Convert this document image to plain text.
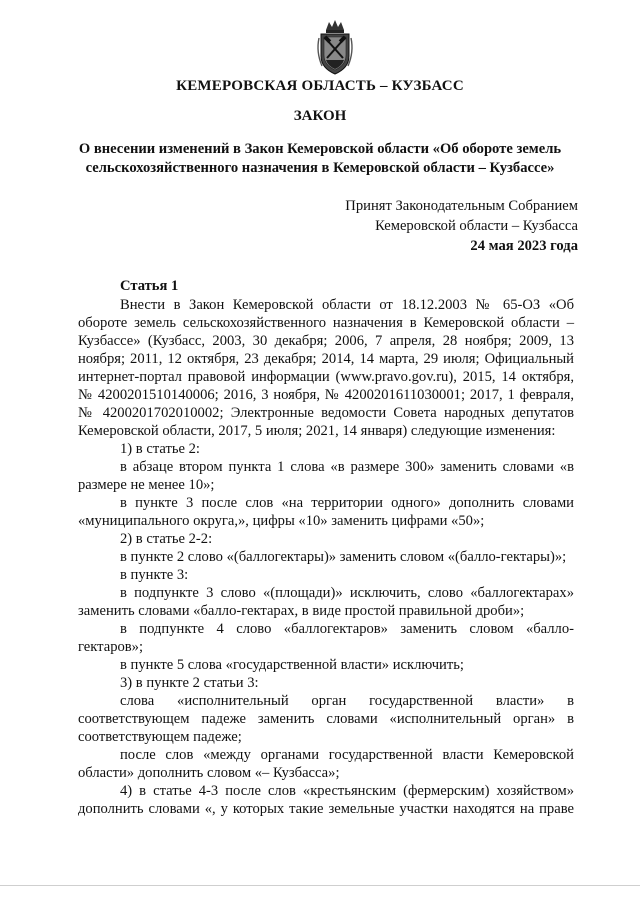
КЕМЕРОВСКАЯ ОБЛАСТЬ – КУЗБАСС
ЗАКОН
О внесении изменений в Закон Кемеровской области «Об обороте земель
сельскохозяйственного назначения в Кемеровской области – Кузбассе»
Принят Законодательным Собранием
Кемеровской области – Кузбасса
24 мая 2023 года
Статья 1

Внести в Закон Кемеровской области от 18.12.2003 № 65-ОЗ «Об обороте земель сельскохозяйственного назначения в Кемеровской области – Кузбассе» (Кузбасс, 2003, 30 декабря; 2006, 7 апреля, 28 ноября; 2009, 13 ноября; 2011, 12 октября, 23 декабря; 2014, 14 марта, 29 июля; Официальный интернет-портал правовой информации (www.pravo.gov.ru), 2015, 14 октября, № 4200201510140006; 2016, 3 ноября, № 4200201611030001; 2017, 1 февраля, № 4200201702010002; Электронные ведомости Совета народных депутатов Кемеровской области, 2017, 5 июля; 2021, 14 января) следующие изменения:

1) в статье 2:

в абзаце втором пункта 1 слова «в размере 300» заменить словами «в размере не менее 10»;

в пункте 3 после слов «на территории одного» дополнить словами «муниципального округа,», цифры «10» заменить цифрами «50»;

2) в статье 2-2:

в пункте 2 слово «(баллогектары)» заменить словом «(балло-гектары)»;

в пункте 3:

в подпункте 3 слово «(площади)» исключить, слово «баллогектарах» заменить словами «балло-гектарах, в виде простой правильной дроби»;

в подпункте 4 слово «баллогектаров» заменить словом «балло-гектаров»;

в пункте 5 слова «государственной власти» исключить;

3) в пункте 2 статьи 3:

слова «исполнительный орган государственной власти» в соответствующем падеже заменить словами «исполнительный орган» в соответствующем падеже;

после слов «между органами государственной власти Кемеровской области» дополнить словом «– Кузбасса»;

4) в статье 4-3 после слов «крестьянским (фермерским) хозяйством» дополнить словами «, у которых такие земельные участки находятся на праве
